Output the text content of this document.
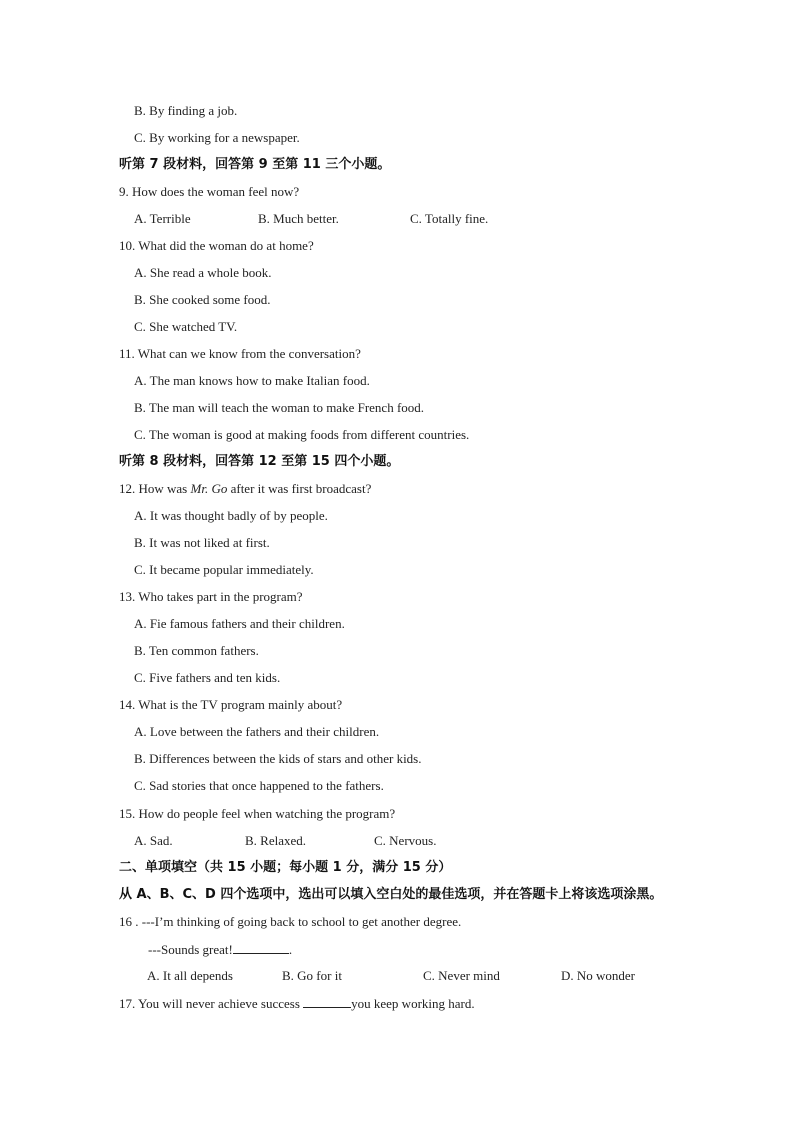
B. By finding a job.
C. By working for a newspaper.
听第 7 段材料，回答第 9 至第 11 三个小题。
9. How does the woman feel now?
A. Terrible	B. Much better.	C. Totally fine.
10. What did the woman do at home?
A. She read a whole book.
B. She cooked some food.
C. She watched TV.
11. What can we know from the conversation?
A. The man knows how to make Italian food.
B. The man will teach the woman to make French food.
C. The woman is good at making foods from different countries.
听第 8 段材料，回答第 12 至第 15 四个小题。
12. How was Mr. Go after it was first broadcast?
A. It was thought badly of by people.
B. It was not liked at first.
C. It became popular immediately.
13. Who takes part in the program?
A. Fie famous fathers and their children.
B. Ten common fathers.
C. Five fathers and ten kids.
14. What is the TV program mainly about?
A. Love between the fathers and their children.
B. Differences between the kids of stars and other kids.
C. Sad stories that once happened to the fathers.
15. How do people feel when watching the program?
A. Sad.	B. Relaxed.	C. Nervous.
二、单项填空（共 15 小题；每小题 1 分，满分 15 分）
从 A、B、C、D 四个选项中，选出可以填入空白处的最佳选项，并在答题卡上将该选项涂黑。
16 . ---I’m thinking of going back to school to get another degree.
---Sounds great!	.
A. It all depends	B. Go for it	C. Never mind	D. No wonder
17. You will never achieve success	you keep working hard.
